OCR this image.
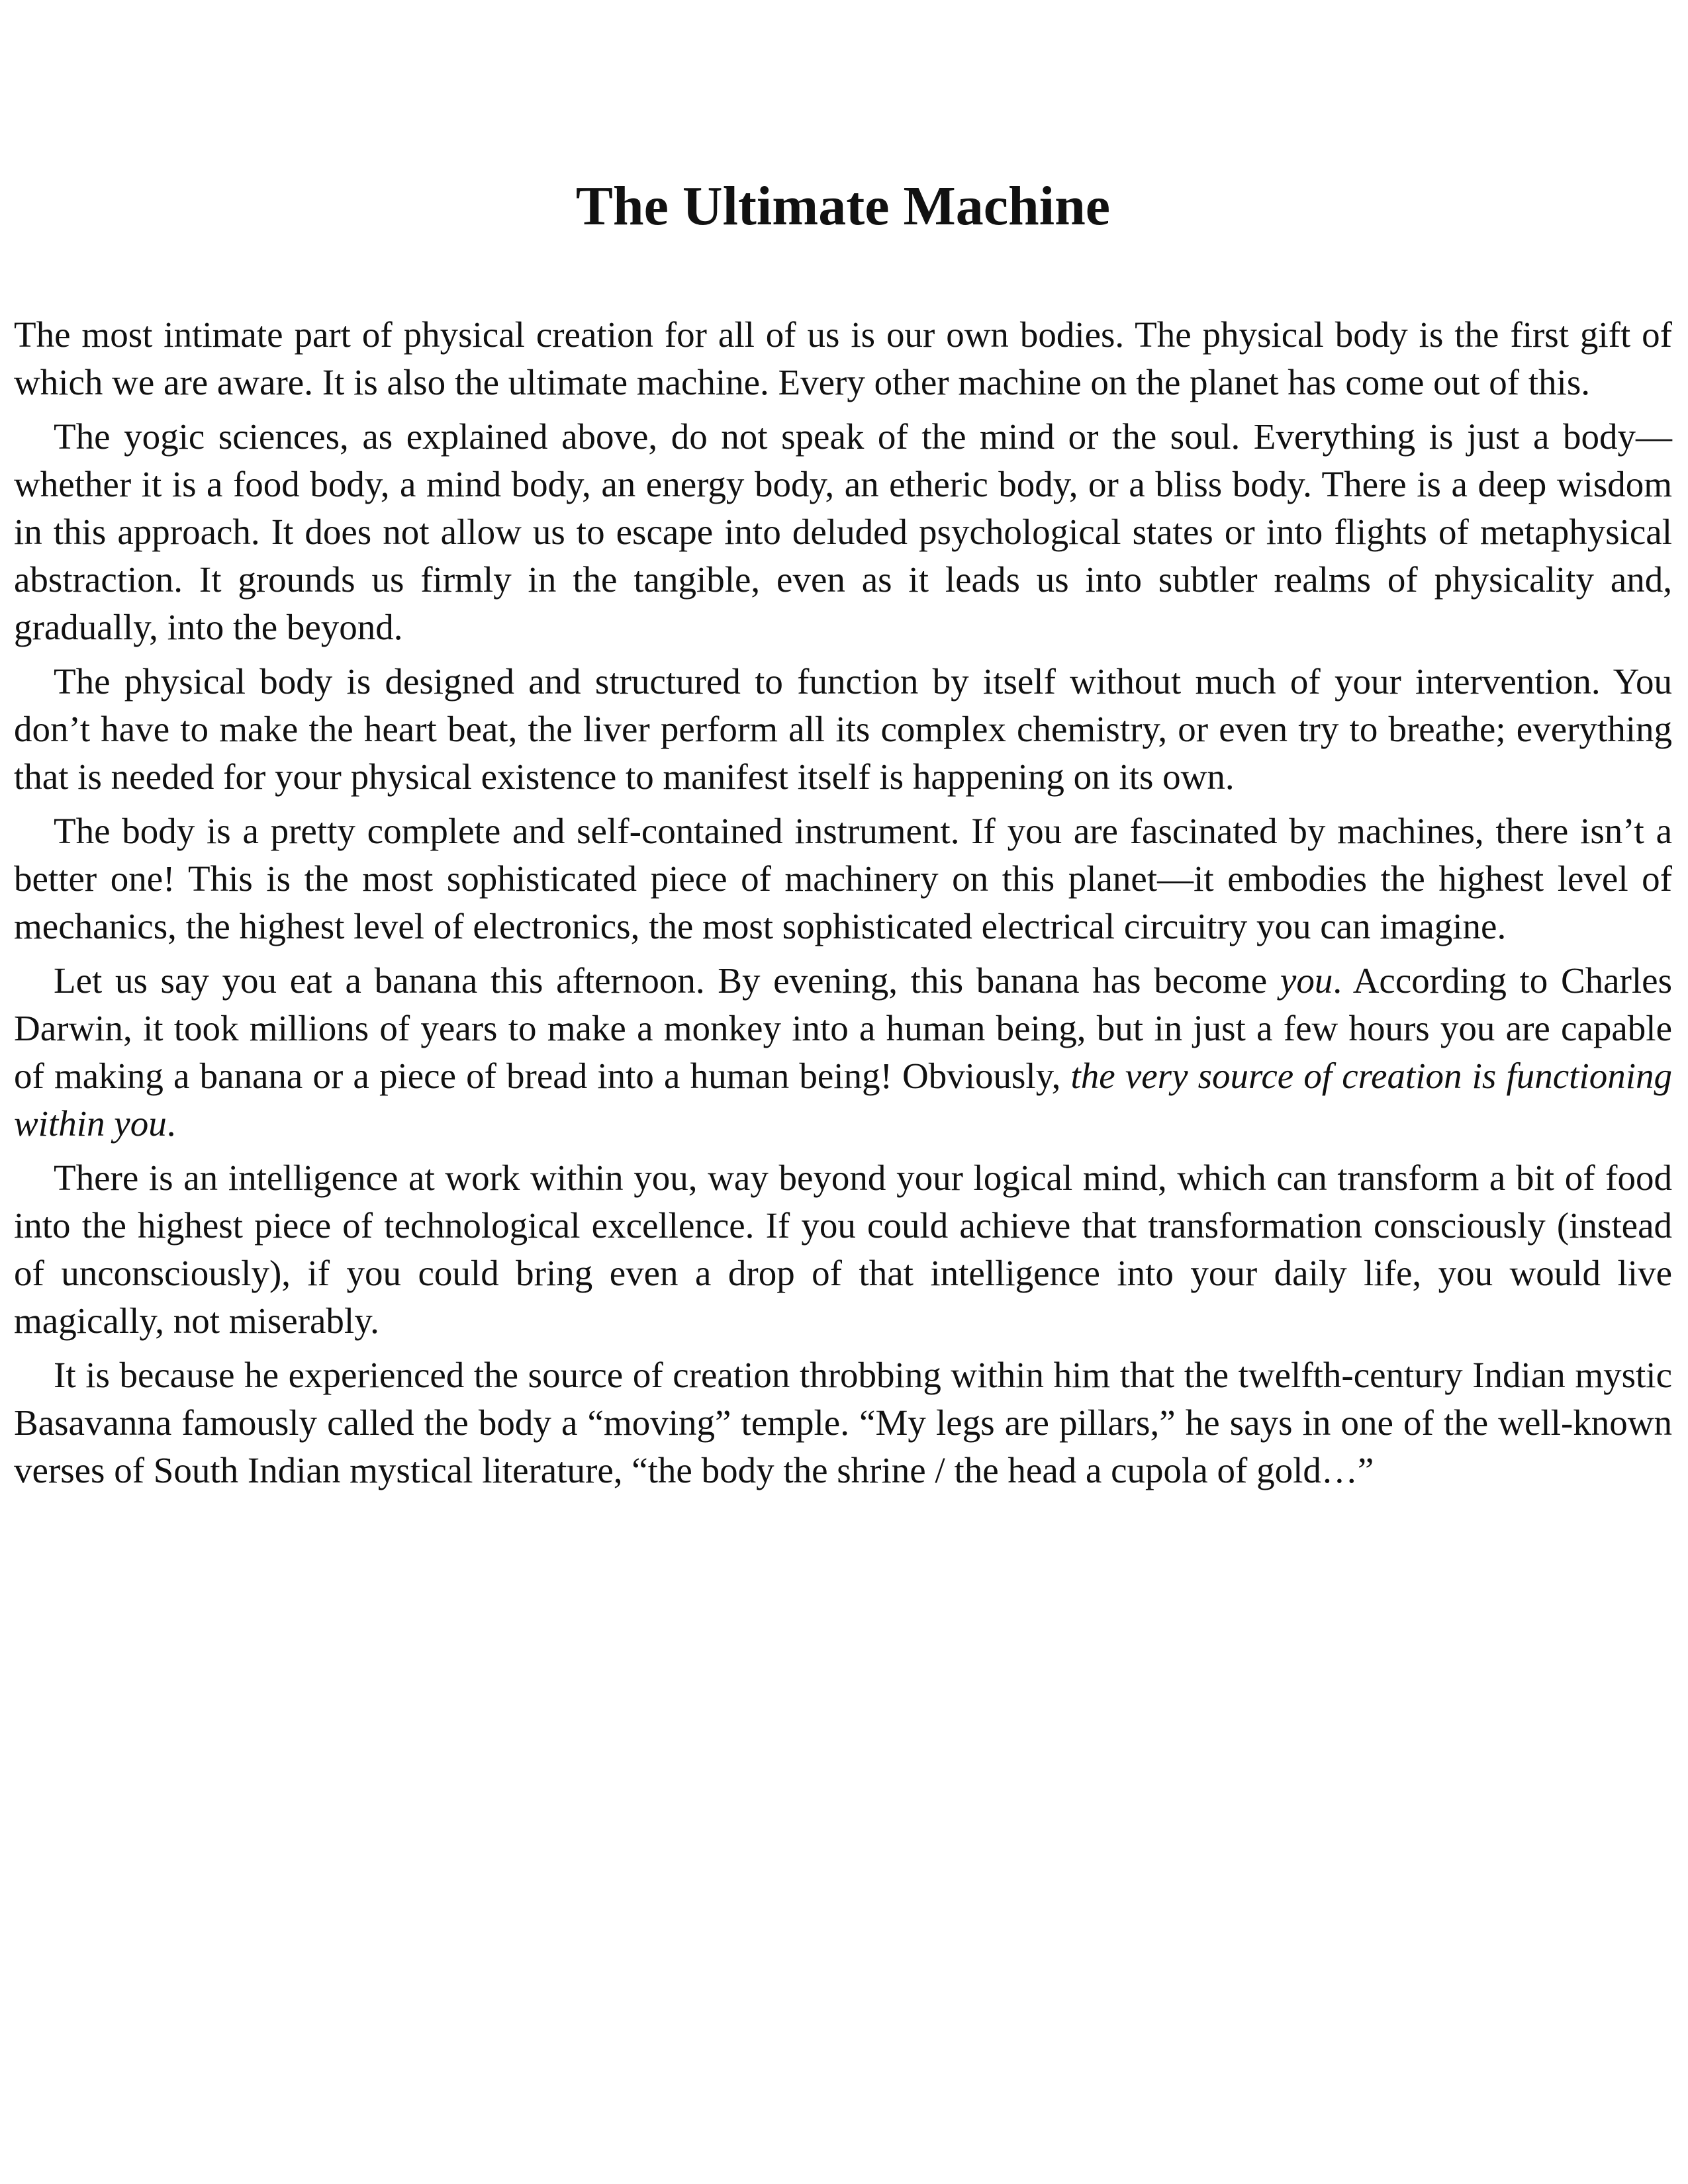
The Ultimate Machine

The most intimate part of physical creation for all of us is our own bodies. The physical body is the first gift of which we are aware. It is also the ultimate machine. Every other machine on the planet has come out of this.

The yogic sciences, as explained above, do not speak of the mind or the soul. Everything is just a body—whether it is a food body, a mind body, an energy body, an etheric body, or a bliss body. There is a deep wisdom in this approach. It does not allow us to escape into deluded psychological states or into flights of metaphysical abstraction. It grounds us firmly in the tangible, even as it leads us into subtler realms of physicality and, gradually, into the beyond.

The physical body is designed and structured to function by itself without much of your intervention. You don’t have to make the heart beat, the liver perform all its complex chemistry, or even try to breathe; everything that is needed for your physical existence to manifest itself is happening on its own.

The body is a pretty complete and self-contained instrument. If you are fascinated by machines, there isn’t a better one! This is the most sophisticated piece of machinery on this planet—it embodies the highest level of mechanics, the highest level of electronics, the most sophisticated electrical circuitry you can imagine.

Let us say you eat a banana this afternoon. By evening, this banana has become you. According to Charles Darwin, it took millions of years to make a monkey into a human being, but in just a few hours you are capable of making a banana or a piece of bread into a human being! Obviously, the very source of creation is functioning within you.

There is an intelligence at work within you, way beyond your logical mind, which can transform a bit of food into the highest piece of technological excellence. If you could achieve that transformation consciously (instead of unconsciously), if you could bring even a drop of that intelligence into your daily life, you would live magically, not miserably.

It is because he experienced the source of creation throbbing within him that the twelfth-century Indian mystic Basavanna famously called the body a “moving” temple. “My legs are pillars,” he says in one of the well-known verses of South Indian mystical literature, “the body the shrine / the head a cupola of gold…”
